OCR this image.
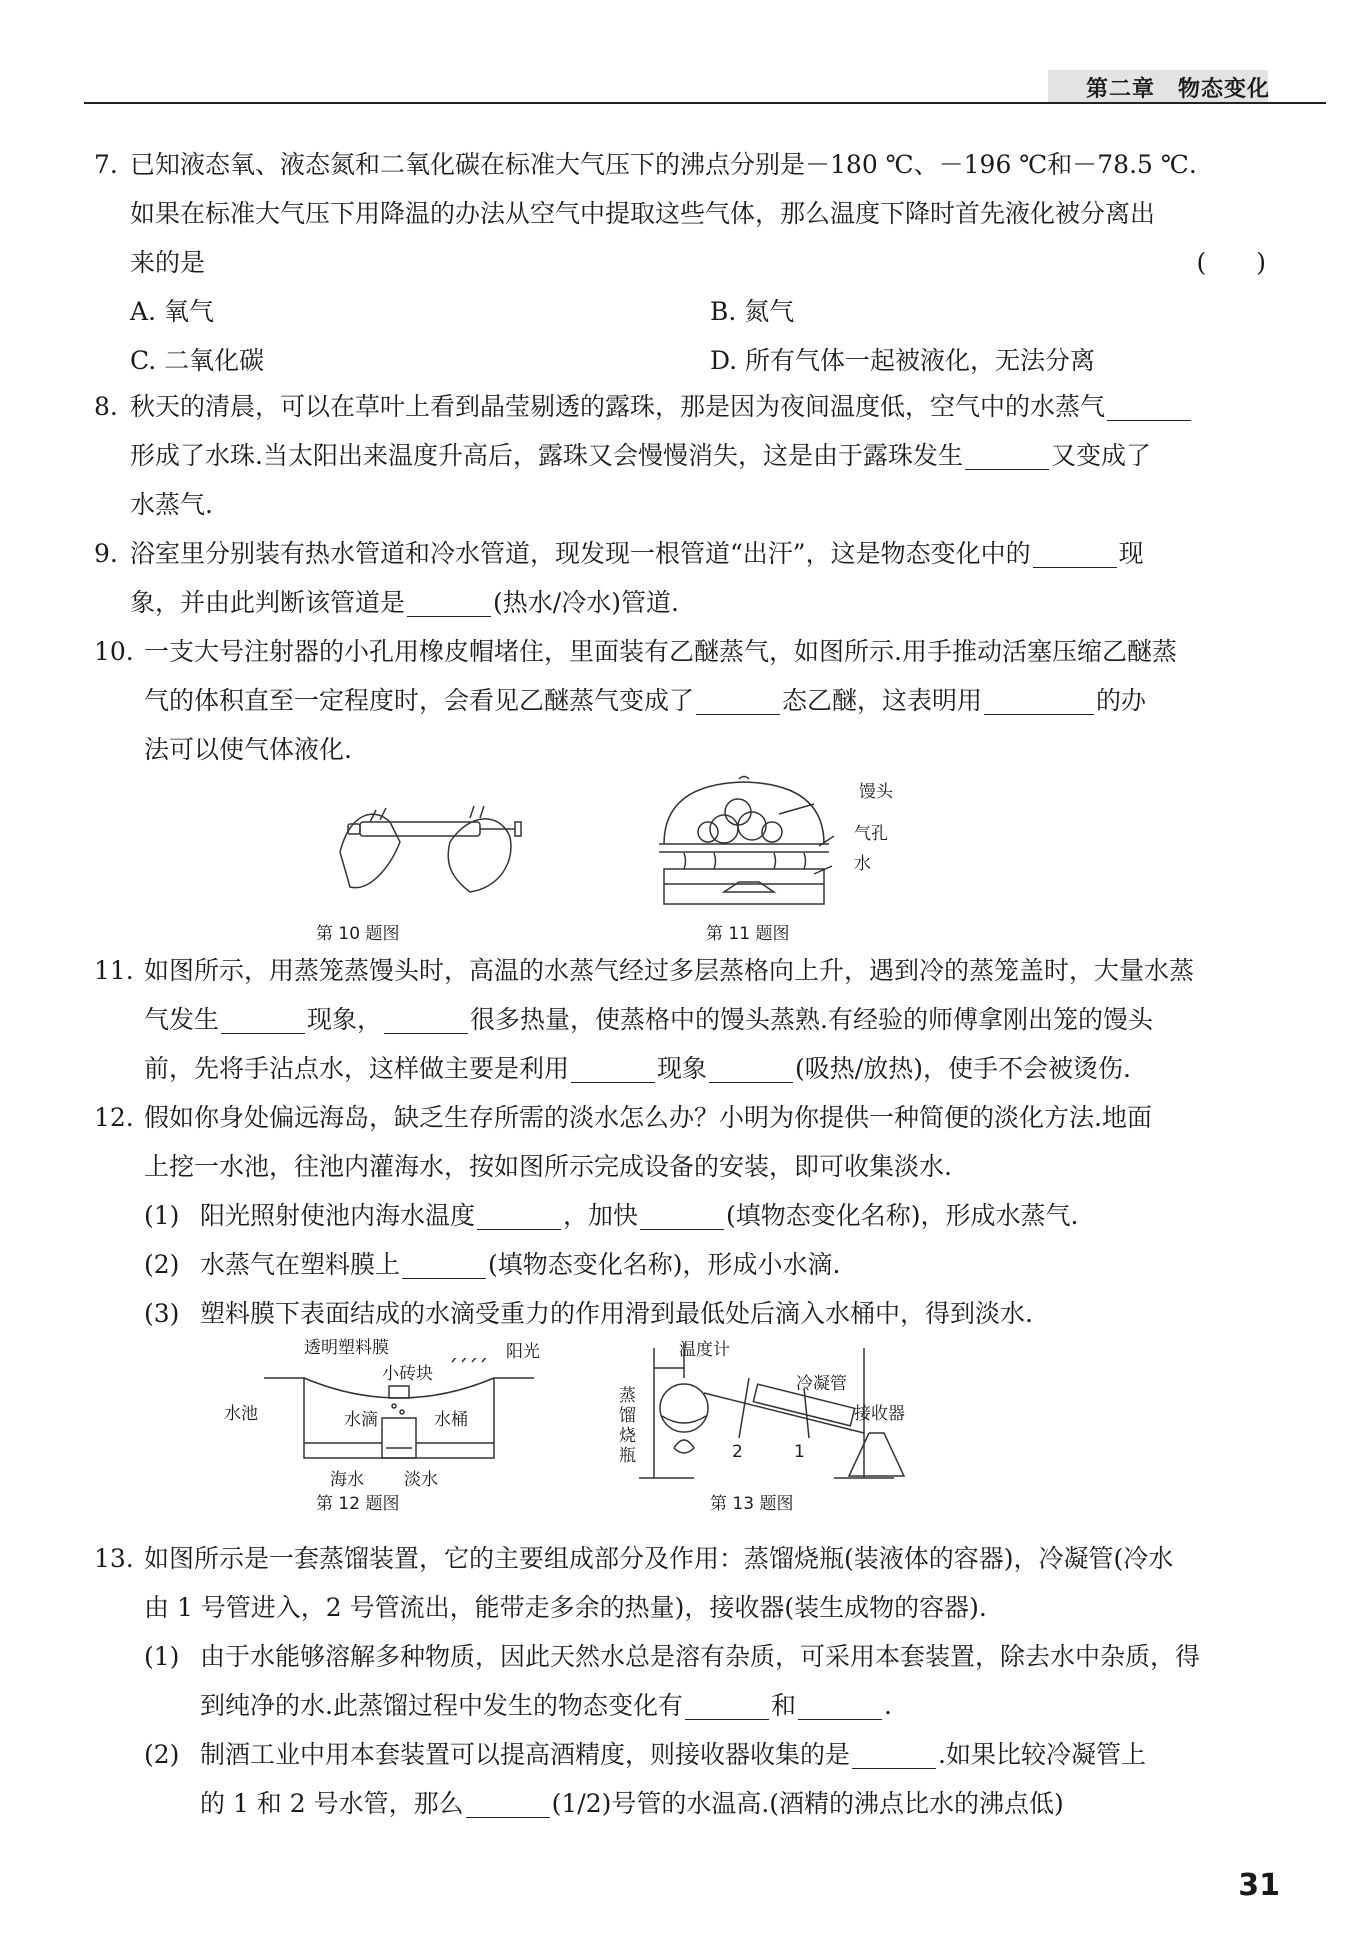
第二章　物态变化
7. 已知液态氧、液态氮和二氧化碳在标准大气压下的沸点分别是－180 ℃、－196 ℃和－78.5 ℃.
如果在标准大气压下用降温的办法从空气中提取这些气体，那么温度下降时首先液化被分离出
来的是	(　　)
A. 氧气	B. 氮气
C. 二氧化碳	D. 所有气体一起被液化，无法分离
8. 秋天的清晨，可以在草叶上看到晶莹剔透的露珠，那是因为夜间温度低，空气中的水蒸气
形成了水珠.当太阳出来温度升高后，露珠又会慢慢消失，这是由于露珠发生	又变成了
水蒸气.
9. 浴室里分别装有热水管道和冷水管道，现发现一根管道“出汗”，这是物态变化中的	现
象，并由此判断该管道是	(热水/冷水)管道.
10. 一支大号注射器的小孔用橡皮帽堵住，里面装有乙醚蒸气，如图所示.用手推动活塞压缩乙醚蒸
气的体积直至一定程度时，会看见乙醚蒸气变成了	态乙醚，这表明用	的办
法可以使气体液化.
第 10 题图
馒头
气孔
水
第 11 题图
11. 如图所示，用蒸笼蒸馒头时，高温的水蒸气经过多层蒸格向上升，遇到冷的蒸笼盖时，大量水蒸
气发生	现象，	很多热量，使蒸格中的馒头蒸熟.有经验的师傅拿刚出笼的馒头
前，先将手沾点水，这样做主要是利用	现象	(吸热/放热)，使手不会被烫伤.
12. 假如你身处偏远海岛，缺乏生存所需的淡水怎么办？小明为你提供一种简便的淡化方法.地面
上挖一水池，往池内灌海水，按如图所示完成设备的安装，即可收集淡水.
(1) 阳光照射使池内海水温度	，加快	(填物态变化名称)，形成水蒸气.
(2) 水蒸气在塑料膜上	(填物态变化名称)，形成小水滴.
(3) 塑料膜下表面结成的水滴受重力的作用滑到最低处后滴入水桶中，得到淡水.
透明塑料膜	阳光
小砖块
水池	水滴	水桶
海水 淡水
第 12 题图
温度计
冷凝管
接收器
蒸馏烧瓶	1
2
第 13 题图
13. 如图所示是一套蒸馏装置，它的主要组成部分及作用：蒸馏烧瓶(装液体的容器)，冷凝管(冷水
由 1 号管进入，2 号管流出，能带走多余的热量)，接收器(装生成物的容器).
(1) 由于水能够溶解多种物质，因此天然水总是溶有杂质，可采用本套装置，除去水中杂质，得
到纯净的水.此蒸馏过程中发生的物态变化有	和	.
(2) 制酒工业中用本套装置可以提高酒精度，则接收器收集的是	.如果比较冷凝管上
的 1 和 2 号水管，那么	(1/2)号管的水温高.(酒精的沸点比水的沸点低)
31
